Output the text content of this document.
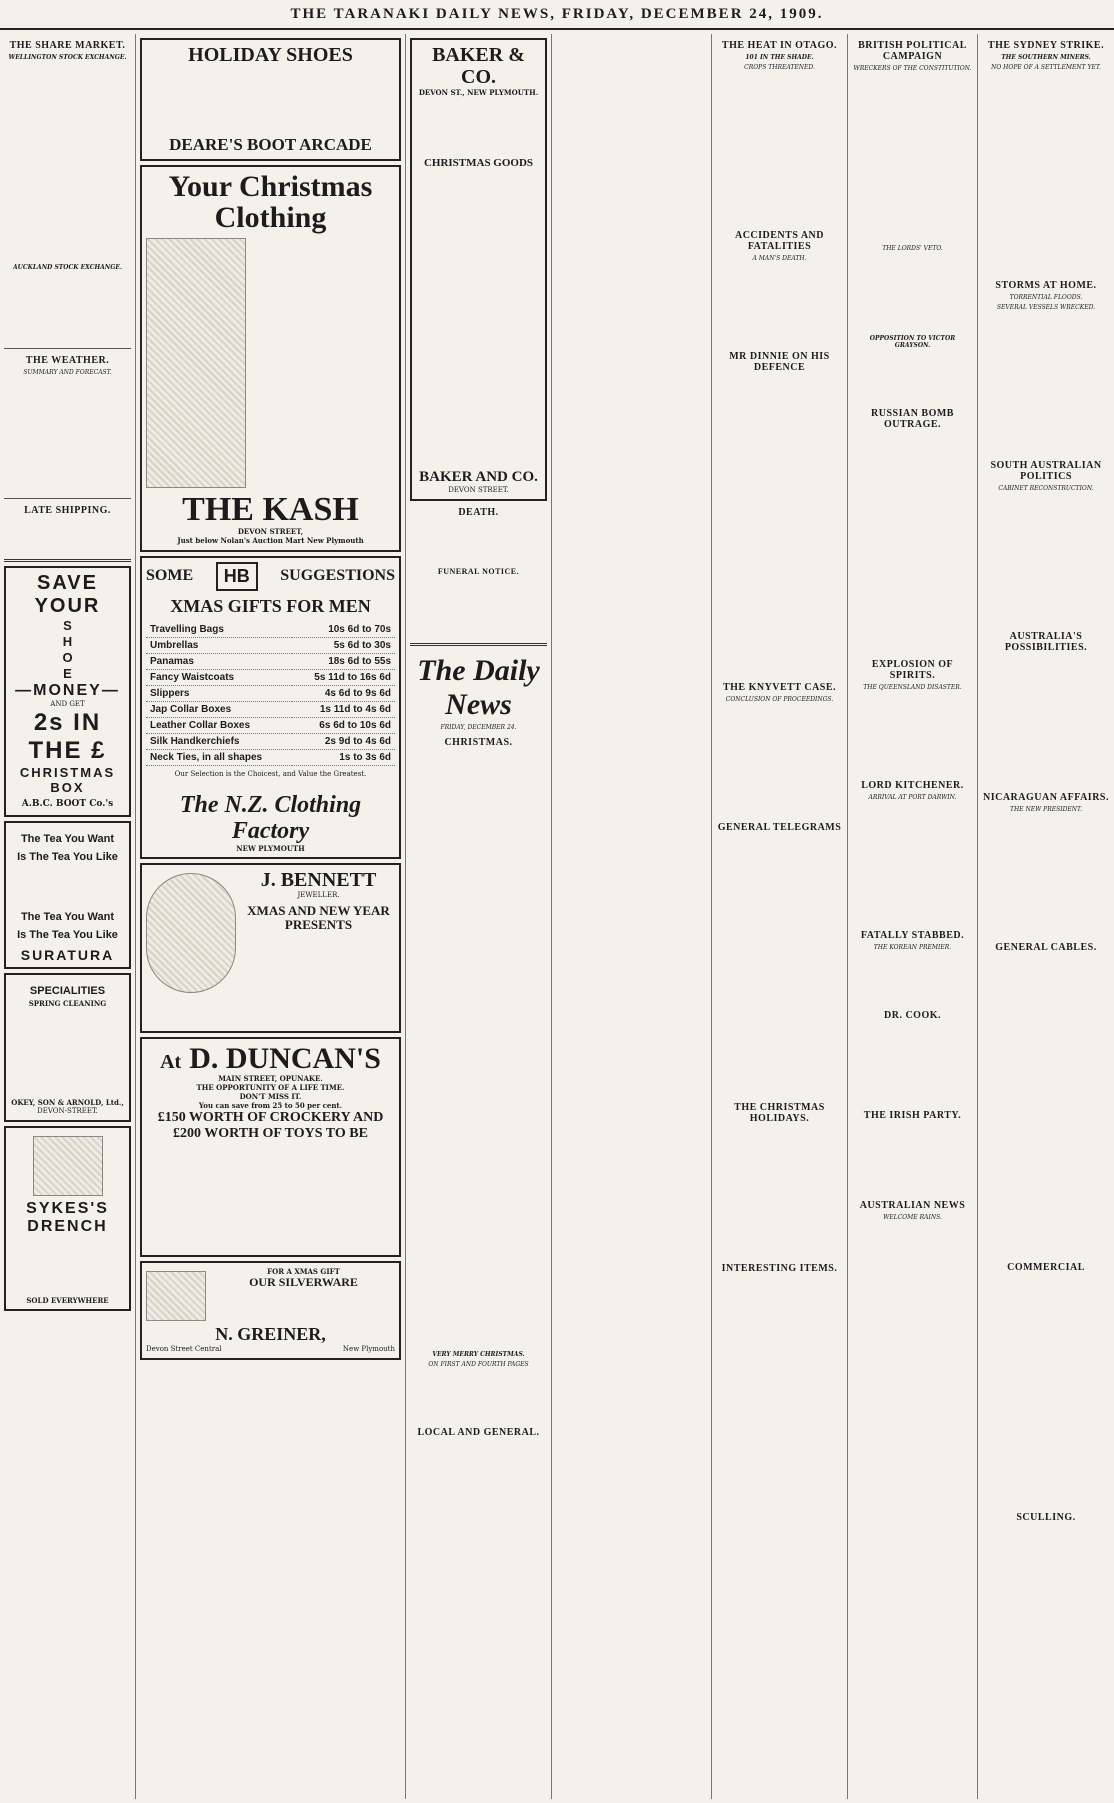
THE TARANAKI DAILY NEWS, FRIDAY, DECEMBER 24, 1909.
THE SHARE MARKET.
WELLINGTON STOCK EXCHANGE.
AUCKLAND STOCK EXCHANGE.
THE WEATHER.
SUMMARY AND FORECAST.
LATE SHIPPING.
SAVE YOUR
S
H
O
E
—MONEY—
AND GET
2s IN THE £
CHRISTMAS BOX
A.B.C. BOOT Co.'s
The Tea You Want
Is The Tea You Like
The Tea You Want
Is The Tea You Like
SURATURA
SPECIALITIES
SPRING CLEANING
OKEY, SON & ARNOLD, Ltd.,
DEVON-STREET.
SYKES'S DRENCH
SOLD EVERYWHERE
HOLIDAY SHOES
DEARE'S BOOT ARCADE
Your Christmas
Clothing
THE KASH
DEVON STREET,
Just below Nolan's Auction Mart New Plymouth
SOME	HB	SUGGESTIONS
XMAS GIFTS FOR MEN
Travelling Bags	10s 6d to 70s
Umbrellas	5s 6d to 30s
Panamas	18s 6d to 55s
Fancy Waistcoats	5s 11d to 16s 6d
Slippers	4s 6d to 9s 6d
Jap Collar Boxes	1s 11d to 4s 6d
Leather Collar Boxes	6s 6d to 10s 6d
Silk Handkerchiefs	2s 9d to 4s 6d
Neck Ties, in all shapes	1s to 3s 6d
Our Selection is the Choicest, and Value the Greatest.
The N.Z. Clothing Factory
NEW PLYMOUTH
J. BENNETT
JEWELLER.
XMAS AND NEW YEAR PRESENTS
At D. DUNCAN'S
MAIN STREET, OPUNAKE.
THE OPPORTUNITY OF A LIFE TIME.
DON'T MISS IT.
You can save from 25 to 50 per cent.
£150 WORTH OF CROCKERY AND
£200 WORTH OF TOYS TO BE
FOR A XMAS GIFT
OUR SILVERWARE
N. GREINER,
Devon Street Central	New Plymouth
BAKER & CO.
DEVON ST., NEW PLYMOUTH.
CHRISTMAS GOODS
BAKER AND CO.
DEVON STREET.
DEATH.
FUNERAL NOTICE.
The Daily News
FRIDAY, DECEMBER 24.
CHRISTMAS.
VERY MERRY CHRISTMAS.
ON FIRST AND FOURTH PAGES
LOCAL AND GENERAL.
THE HEAT IN OTAGO.
101 IN THE SHADE.
CROPS THREATENED.
ACCIDENTS AND FATALITIES
A MAN'S DEATH.
MR DINNIE ON HIS DEFENCE
THE KNYVETT CASE.
CONCLUSION OF PROCEEDINGS.
GENERAL TELEGRAMS
THE CHRISTMAS HOLIDAYS.
INTERESTING ITEMS.
BRITISH POLITICAL CAMPAIGN
WRECKERS OF THE CONSTITUTION.
THE LORDS' VETO.
OPPOSITION TO VICTOR GRAYSON.
RUSSIAN BOMB OUTRAGE.
EXPLOSION OF SPIRITS.
THE QUEENSLAND DISASTER.
LORD KITCHENER.
ARRIVAL AT PORT DARWIN.
FATALLY STABBED.
THE KOREAN PREMIER.
DR. COOK.
THE IRISH PARTY.
AUSTRALIAN NEWS
WELCOME RAINS.
THE SYDNEY STRIKE.
THE SOUTHERN MINERS.
NO HOPE OF A SETTLEMENT YET.
STORMS AT HOME.
TORRENTIAL FLOODS.
SEVERAL VESSELS WRECKED.
SOUTH AUSTRALIAN POLITICS
CABINET RECONSTRUCTION.
AUSTRALIA'S POSSIBILITIES.
NICARAGUAN AFFAIRS.
THE NEW PRESIDENT.
GENERAL CABLES.
COMMERCIAL
SCULLING.
